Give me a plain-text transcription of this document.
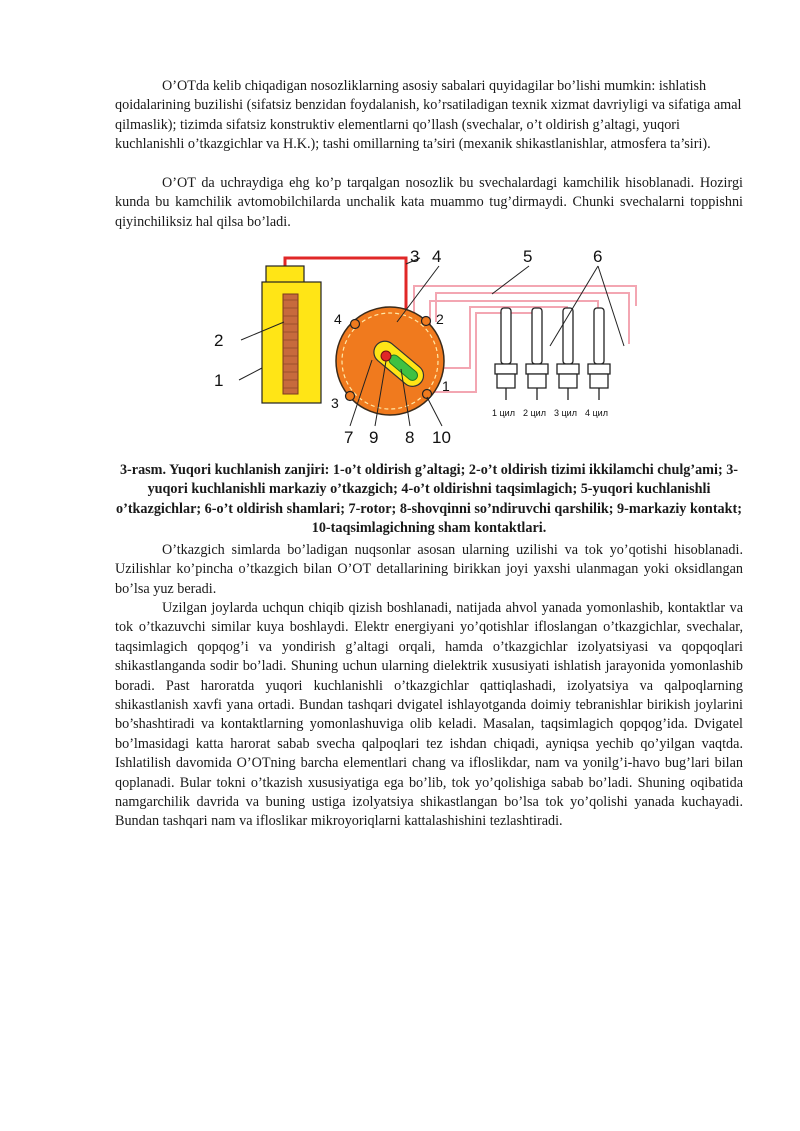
O’OTda kelib chiqadigan nosozliklarning asosiy sabalari quyidagilar bo’lishi mumkin: ishlatish qoidalarining buzilishi (sifatsiz benzidan foydalanish, ko’rsatiladigan texnik xizmat davriyligi va sifatiga amal qilmaslik); tizimda sifatsiz konstruktiv elementlarni qo’llash (svechalar, o’t oldirish g’altagi, yuqori kuchlanishli o’tkazgichlar va H.K.); tashi omillarning ta’siri (mexanik shikastlanishlar, atmosfera ta’siri).

O’OT da uchraydiga ehg ko’p tarqalgan nosozlik bu svechalardagi kamchilik hisoblanadi. Hozirgi kunda bu kamchilik avtomobilchilarda unchalik kata muammo tug’dirmaydi. Chunki svechalarni toppishni qiyinchiliksiz hal qilsa bo’ladi.

3 4	5	6
2
1
7 9 8 10
4	2
3
1
1 цил 2 цил 3 цил 4 цил

3-rasm. Yuqori kuchlanish zanjiri: 1-o’t oldirish g’altagi; 2-o’t oldirish tizimi ikkilamchi chulg’ami; 3-yuqori kuchlanishli markaziy o’tkazgich; 4-o’t oldirishni taqsimlagich; 5-yuqori kuchlanishli o’tkazgichlar; 6-o’t oldirish shamlari; 7-rotor; 8-shovqinni so’ndiruvchi qarshilik; 9-markaziy kontakt; 10-taqsimlagichning sham kontaktlari.

O’tkazgich simlarda bo’ladigan nuqsonlar asosan ularning uzilishi va tok yo’qotishi hisoblanadi. Uzilishlar ko’pincha o’tkazgich bilan O’OT detallarining birikkan joyi yaxshi ulanmagan yoki oksidlangan bo’lsa yuz beradi.

Uzilgan joylarda uchqun chiqib qizish boshlanadi, natijada ahvol yanada yomonlashib, kontaktlar va tok o’tkazuvchi similar kuya boshlaydi. Elektr energiyani yo’qotishlar ifloslangan o’tkazgichlar, svechalar, taqsimlagich qopqog’i va yondirish g’altagi orqali, hamda o’tkazgichlar izolyatsiyasi va qopqoqlari shikastlanganda sodir bo’ladi. Shuning uchun ularning dielektrik xususiyati ishlatish jarayonida yomonlashib boradi. Past haroratda yuqori kuchlanishli o’tkazgichlar qattiqlashadi, izolyatsiya va qalpoqlarning shikastlanish xavfi yana ortadi. Bundan tashqari dvigatel ishlayotganda doimiy tebranishlar birikish joylarini bo’shashtiradi va kontaktlarning yomonlashuviga olib keladi. Masalan, taqsimlagich qopqog’ida. Dvigatel bo’lmasidagi katta harorat sabab svecha qalpoqlari tez ishdan chiqadi, ayniqsa yechib qo’yilgan vaqtda. Ishlatilish davomida O’OTning barcha elementlari chang va ifloslikdar, nam va yonilg’i-havo bug’lari bilan qoplanadi. Bular tokni o’tkazish xususiyatiga ega bo’lib, tok yo’qolishiga sabab bo’ladi. Shuning oqibatida namgarchilik davrida va buning ustiga izolyatsiya shikastlangan bo’lsa tok yo’qolishi yanada kuchayadi. Bundan tashqari nam va ifloslikar mikroyoriqlarni kattalashishini tezlashtiradi.
